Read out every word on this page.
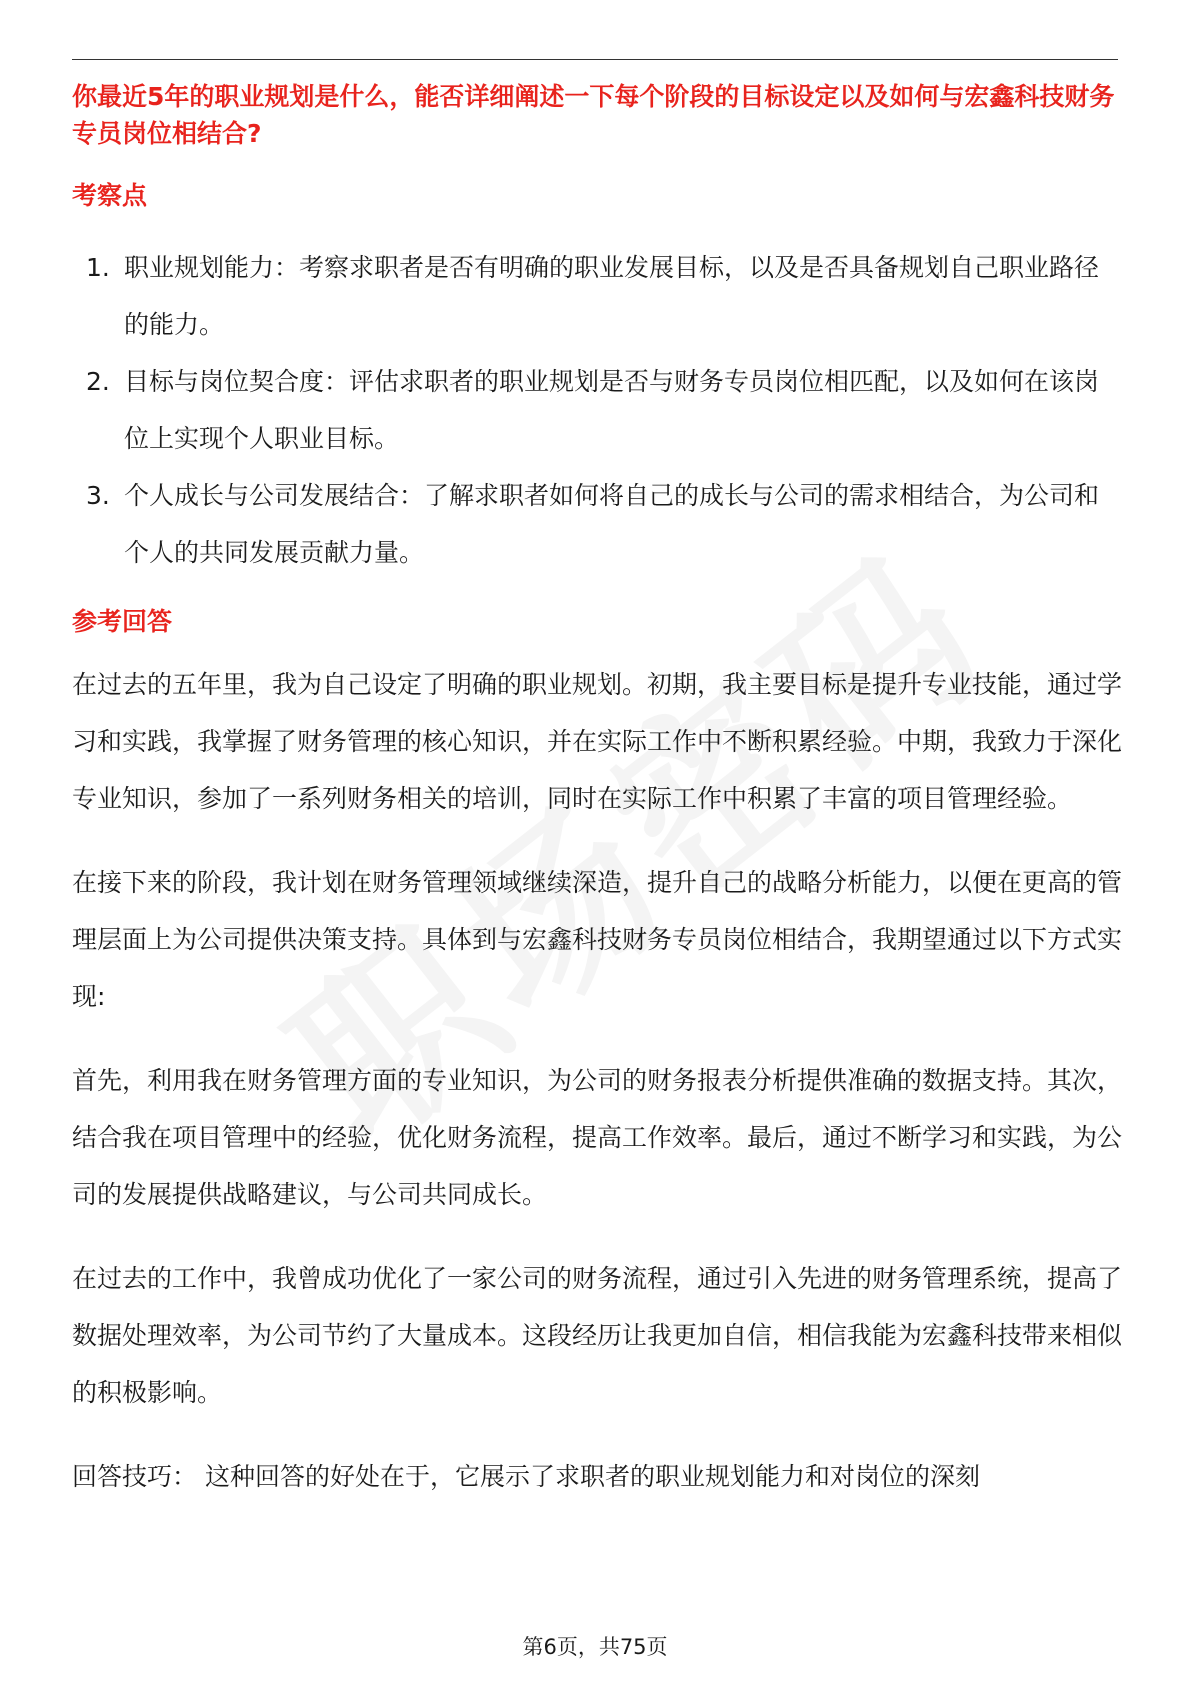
你最近5年的职业规划是什么，能否详细阐述一下每个阶段的目标设定以及如何与宏鑫科技财务专员岗位相结合?

考察点

1. 职业规划能力：考察求职者是否有明确的职业发展目标，以及是否具备规划自己职业路径的能力。
2. 目标与岗位契合度：评估求职者的职业规划是否与财务专员岗位相匹配，以及如何在该岗位上实现个人职业目标。
3. 个人成长与公司发展结合：了解求职者如何将自己的成长与公司的需求相结合，为公司和个人的共同发展贡献力量。

参考回答

在过去的五年里，我为自己设定了明确的职业规划。初期，我主要目标是提升专业技能，通过学习和实践，我掌握了财务管理的核心知识，并在实际工作中不断积累经验。中期，我致力于深化专业知识，参加了一系列财务相关的培训，同时在实际工作中积累了丰富的项目管理经验。

在接下来的阶段，我计划在财务管理领域继续深造，提升自己的战略分析能力，以便在更高的管理层面上为公司提供决策支持。具体到与宏鑫科技财务专员岗位相结合，我期望通过以下方式实现:

首先，利用我在财务管理方面的专业知识，为公司的财务报表分析提供准确的数据支持。其次，结合我在项目管理中的经验，优化财务流程，提高工作效率。最后，通过不断学习和实践，为公司的发展提供战略建议，与公司共同成长。

在过去的工作中，我曾成功优化了一家公司的财务流程，通过引入先进的财务管理系统，提高了数据处理效率，为公司节约了大量成本。这段经历让我更加自信，相信我能为宏鑫科技带来相似的积极影响。

回答技巧： 这种回答的好处在于，它展示了求职者的职业规划能力和对岗位的深刻

第6页，共75页
